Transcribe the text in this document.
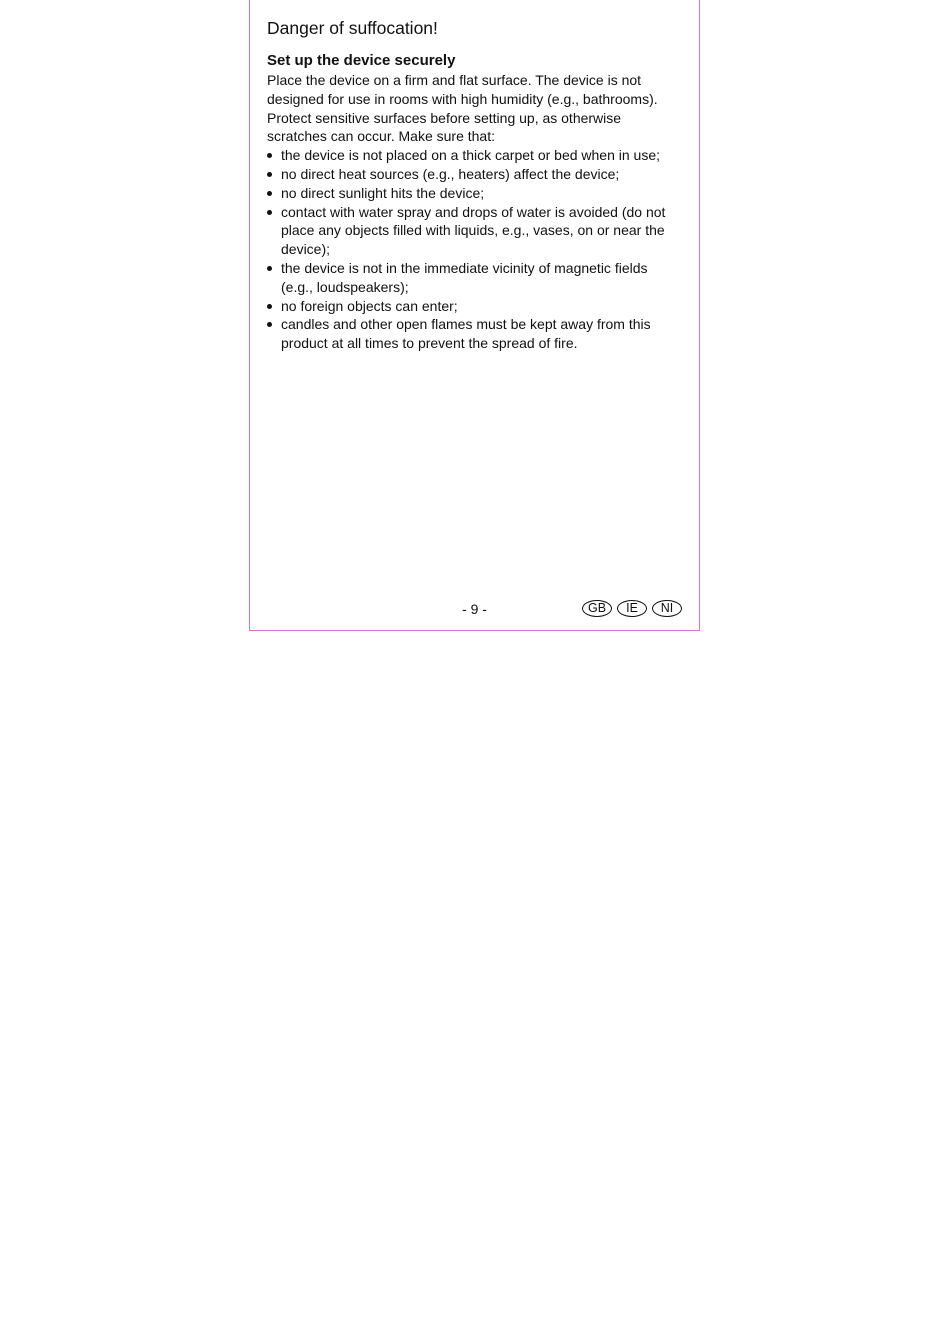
Danger of suffocation!
Set up the device securely

Place the device on a firm and flat surface. The device is not designed for use in rooms with high humidity (e.g., bathrooms). Protect sensitive surfaces before setting up, as otherwise scratches can occur. Make sure that:

the device is not placed on a thick carpet or bed when in use;
no direct heat sources (e.g., heaters) affect the device;
no direct sunlight hits the device;
contact with water spray and drops of water is avoided (do not place any objects filled with liquids, e.g., vases, on or near the device);
the device is not in the immediate vicinity of magnetic fields (e.g., loudspeakers);
no foreign objects can enter;
candles and other open flames must be kept away from this product at all times to prevent the spread of fire.
- 9 -	GB	IE	NI
